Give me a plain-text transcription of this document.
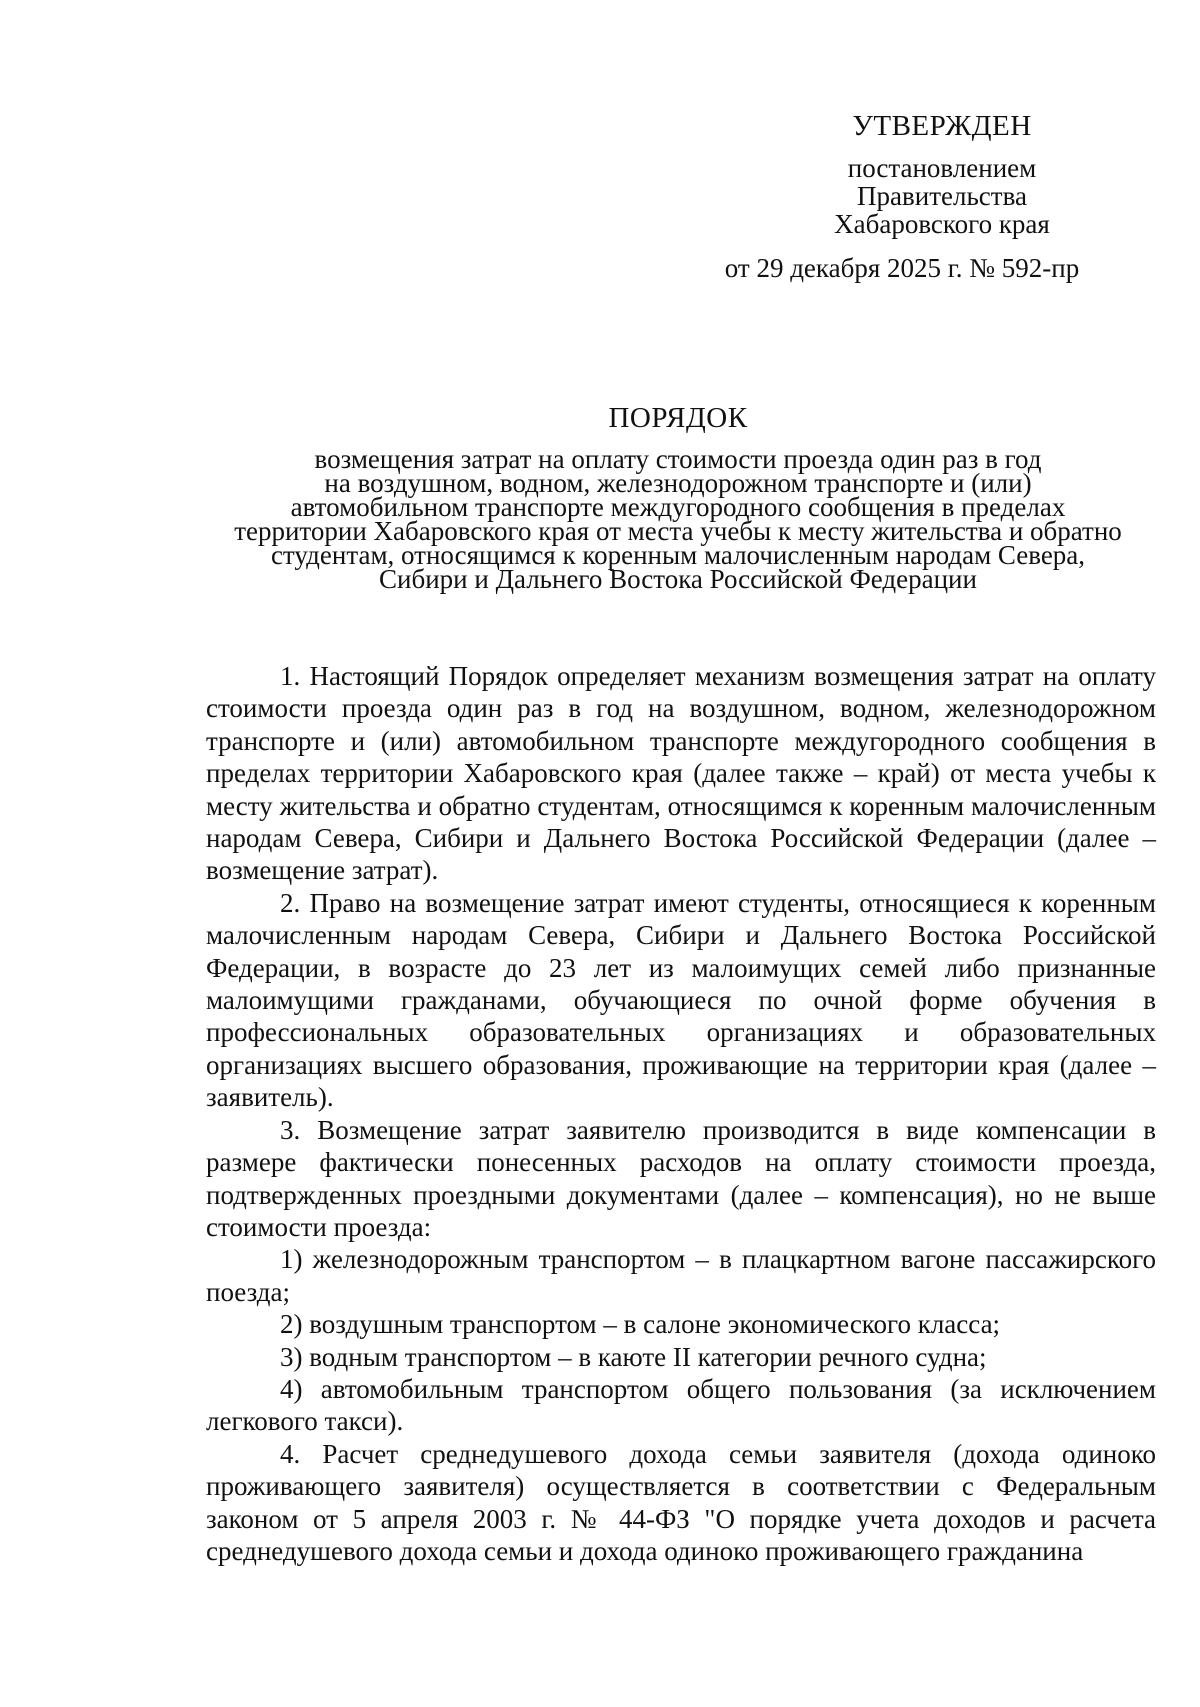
УТВЕРЖДЕН
постановлением
Правительства
Хабаровского края
от 29 декабря 2025 г. № 592-пр
ПОРЯДОК
возмещения затрат на оплату стоимости проезда один раз в год
на воздушном, водном, железнодорожном транспорте и (или)
автомобильном транспорте междугородного сообщения в пределах
территории Хабаровского края от места учебы к месту жительства и обратно
студентам, относящимся к коренным малочисленным народам Севера,
Сибири и Дальнего Востока Российской Федерации

1. Настоящий Порядок определяет механизм возмещения затрат на оплату стоимости проезда один раз в год на воздушном, водном, железнодорожном транспорте и (или) автомобильном транспорте междугородного сообщения в пределах территории Хабаровского края (далее также – край) от места учебы к месту жительства и обратно студентам, относящимся к коренным малочисленным народам Севера, Сибири и Дальнего Востока Российской Федерации (далее – возмещение затрат).

2. Право на возмещение затрат имеют студенты, относящиеся к коренным малочисленным народам Севера, Сибири и Дальнего Востока Российской Федерации, в возрасте до 23 лет из малоимущих семей либо признанные малоимущими гражданами, обучающиеся по очной форме обучения в профессиональных образовательных организациях и образовательных организациях высшего образования, проживающие на территории края (далее – заявитель).

3. Возмещение затрат заявителю производится в виде компенсации в размере фактически понесенных расходов на оплату стоимости проезда, подтвержденных проездными документами (далее – компенсация), но не выше стоимости проезда:

1) железнодорожным транспортом – в плацкартном вагоне пассажирского поезда;

2) воздушным транспортом – в салоне экономического класса;

3) водным транспортом – в каюте II категории речного судна;

4) автомобильным транспортом общего пользования (за исключением легкового такси).

4. Расчет среднедушевого дохода семьи заявителя (дохода одиноко проживающего заявителя) осуществляется в соответствии с Федеральным законом от 5 апреля 2003 г. № 44-ФЗ "О порядке учета доходов и расчета среднедушевого дохода семьи и дохода одиноко проживающего гражданина
